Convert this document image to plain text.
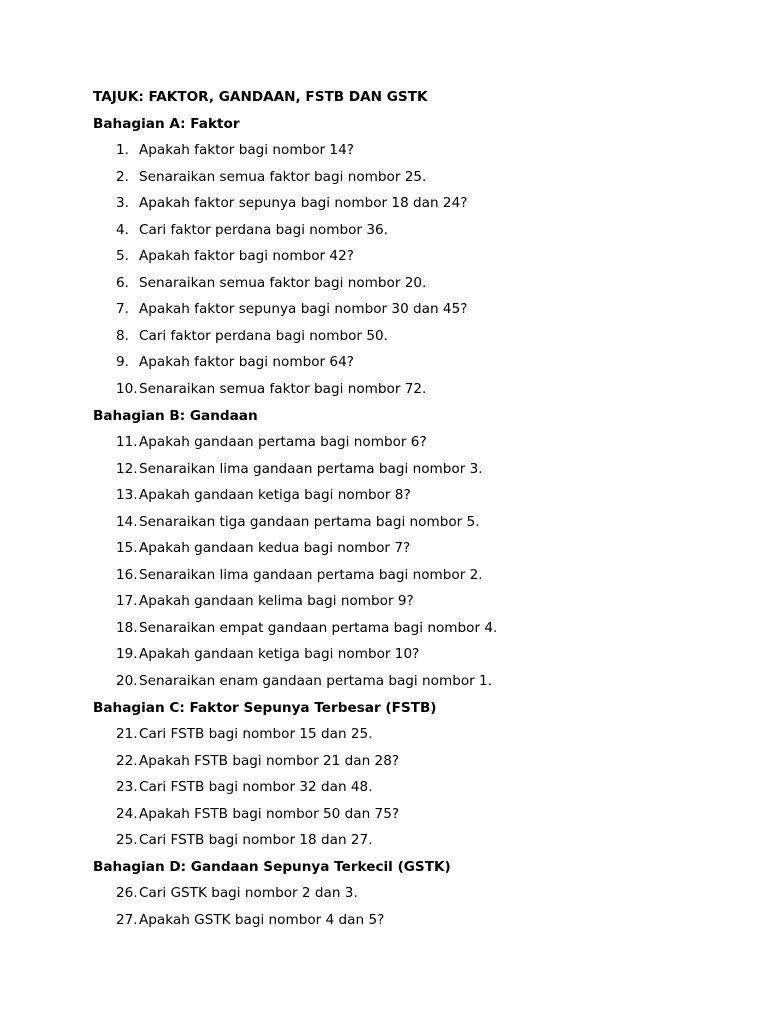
TAJUK: FAKTOR, GANDAAN, FSTB DAN GSTK
Bahagian A: Faktor
1. Apakah faktor bagi nombor 14?
2. Senaraikan semua faktor bagi nombor 25.
3. Apakah faktor sepunya bagi nombor 18 dan 24?
4. Cari faktor perdana bagi nombor 36.
5. Apakah faktor bagi nombor 42?
6. Senaraikan semua faktor bagi nombor 20.
7. Apakah faktor sepunya bagi nombor 30 dan 45?
8. Cari faktor perdana bagi nombor 50.
9. Apakah faktor bagi nombor 64?
10. Senaraikan semua faktor bagi nombor 72.
Bahagian B: Gandaan
11. Apakah gandaan pertama bagi nombor 6?
12. Senaraikan lima gandaan pertama bagi nombor 3.
13. Apakah gandaan ketiga bagi nombor 8?
14. Senaraikan tiga gandaan pertama bagi nombor 5.
15. Apakah gandaan kedua bagi nombor 7?
16. Senaraikan lima gandaan pertama bagi nombor 2.
17. Apakah gandaan kelima bagi nombor 9?
18. Senaraikan empat gandaan pertama bagi nombor 4.
19. Apakah gandaan ketiga bagi nombor 10?
20. Senaraikan enam gandaan pertama bagi nombor 1.
Bahagian C: Faktor Sepunya Terbesar (FSTB)
21. Cari FSTB bagi nombor 15 dan 25.
22. Apakah FSTB bagi nombor 21 dan 28?
23. Cari FSTB bagi nombor 32 dan 48.
24. Apakah FSTB bagi nombor 50 dan 75?
25. Cari FSTB bagi nombor 18 dan 27.
Bahagian D: Gandaan Sepunya Terkecil (GSTK)
26. Cari GSTK bagi nombor 2 dan 3.
27. Apakah GSTK bagi nombor 4 dan 5?
